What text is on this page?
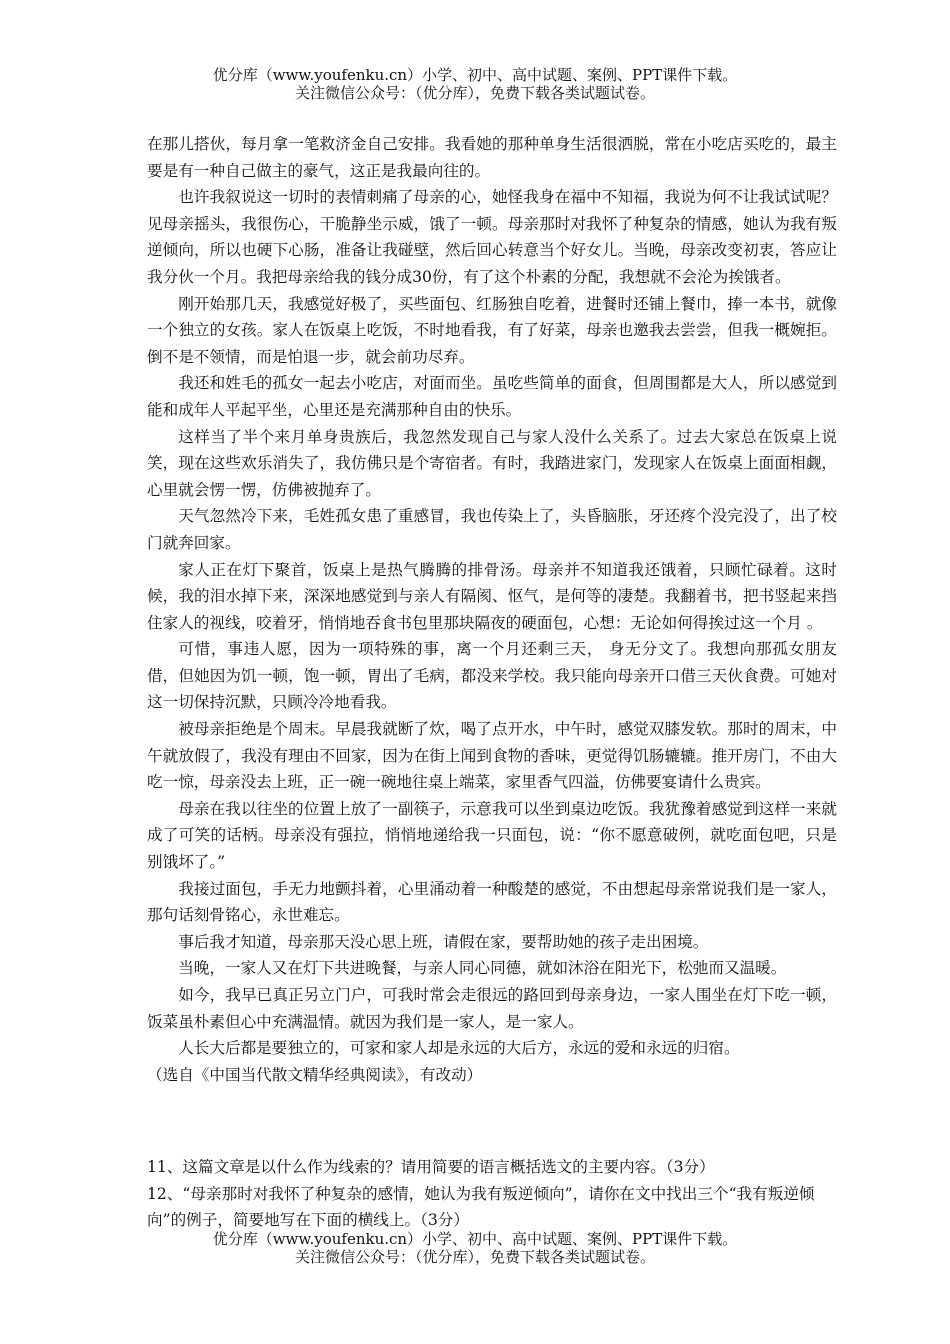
优分库（www.youfenku.cn）小学、初中、高中试题、案例、PPT课件下载。
关注微信公众号：（优分库），免费下载各类试题试卷。

在那儿搭伙，每月拿一笔救济金自己安排。我看她的那种单身生活很洒脱，常在小吃店买吃的，最主要是有一种自己做主的豪气，这正是我最向往的。

也许我叙说这一切时的表情刺痛了母亲的心，她怪我身在福中不知福，我说为何不让我试试呢？见母亲摇头，我很伤心，干脆静坐示威，饿了一顿。母亲那时对我怀了种复杂的情感，她认为我有叛逆倾向，所以也硬下心肠，准备让我碰壁，然后回心转意当个好女儿。当晚，母亲改变初衷，答应让我分伙一个月。我把母亲给我的钱分成30份，有了这个朴素的分配，我想就不会沦为挨饿者。

刚开始那几天，我感觉好极了，买些面包、红肠独自吃着，进餐时还铺上餐巾，捧一本书，就像一个独立的女孩。家人在饭桌上吃饭，不时地看我，有了好菜，母亲也邀我去尝尝，但我一概婉拒。倒不是不领情，而是怕退一步，就会前功尽弃。

我还和姓毛的孤女一起去小吃店，对面而坐。虽吃些简单的面食，但周围都是大人，所以感觉到能和成年人平起平坐，心里还是充满那种自由的快乐。

这样当了半个来月单身贵族后，我忽然发现自己与家人没什么关系了。过去大家总在饭桌上说笑，现在这些欢乐消失了，我仿佛只是个寄宿者。有时，我踏进家门，发现家人在饭桌上面面相觑，心里就会愣一愣，仿佛被抛弃了。

天气忽然冷下来，毛姓孤女患了重感冒，我也传染上了，头昏脑胀，牙还疼个没完没了，出了校门就奔回家。

家人正在灯下聚首，饭桌上是热气腾腾的排骨汤。母亲并不知道我还饿着，只顾忙碌着。这时候，我的泪水掉下来，深深地感觉到与亲人有隔阂、怄气，是何等的凄楚。我翻着书，把书竖起来挡住家人的视线，咬着牙，悄悄地吞食书包里那块隔夜的硬面包，心想：无论如何得挨过这一个月 。

可惜，事违人愿，因为一项特殊的事，离一个月还剩三天， 身无分文了。我想向那孤女朋友借，但她因为饥一顿，饱一顿，胃出了毛病，都没来学校。我只能向母亲开口借三天伙食费。可她对这一切保持沉默，只顾冷冷地看我。

被母亲拒绝是个周末。早晨我就断了炊，喝了点开水，中午时，感觉双膝发软。那时的周末，中午就放假了，我没有理由不回家，因为在街上闻到食物的香味，更觉得饥肠辘辘。推开房门，不由大吃一惊，母亲没去上班，正一碗一碗地往桌上端菜，家里香气四溢，仿佛要宴请什么贵宾。

母亲在我以往坐的位置上放了一副筷子，示意我可以坐到桌边吃饭。我犹豫着感觉到这样一来就成了可笑的话柄。母亲没有强拉，悄悄地递给我一只面包，说：“你不愿意破例，就吃面包吧，只是别饿坏了。”

我接过面包，手无力地颤抖着，心里涌动着一种酸楚的感觉，不由想起母亲常说我们是一家人，那句话刻骨铭心，永世难忘。

事后我才知道，母亲那天没心思上班，请假在家，要帮助她的孩子走出困境。

当晚，一家人又在灯下共进晚餐，与亲人同心同德，就如沐浴在阳光下，松弛而又温暖。

如今，我早已真正另立门户，可我时常会走很远的路回到母亲身边，一家人围坐在灯下吃一顿，饭菜虽朴素但心中充满温情。就因为我们是一家人，是一家人。

人长大后都是要独立的，可家和家人却是永远的大后方，永远的爱和永远的归宿。

（选自《中国当代散文精华经典阅读》，有改动）

11、这篇文章是以什么作为线索的？请用简要的语言概括选文的主要内容。（3分）

12、“母亲那时对我怀了种复杂的感情，她认为我有叛逆倾向”，请你在文中找出三个“我有叛逆倾向”的例子，简要地写在下面的横线上。（3分）

优分库（www.youfenku.cn）小学、初中、高中试题、案例、PPT课件下载。
关注微信公众号：（优分库），免费下载各类试题试卷。
